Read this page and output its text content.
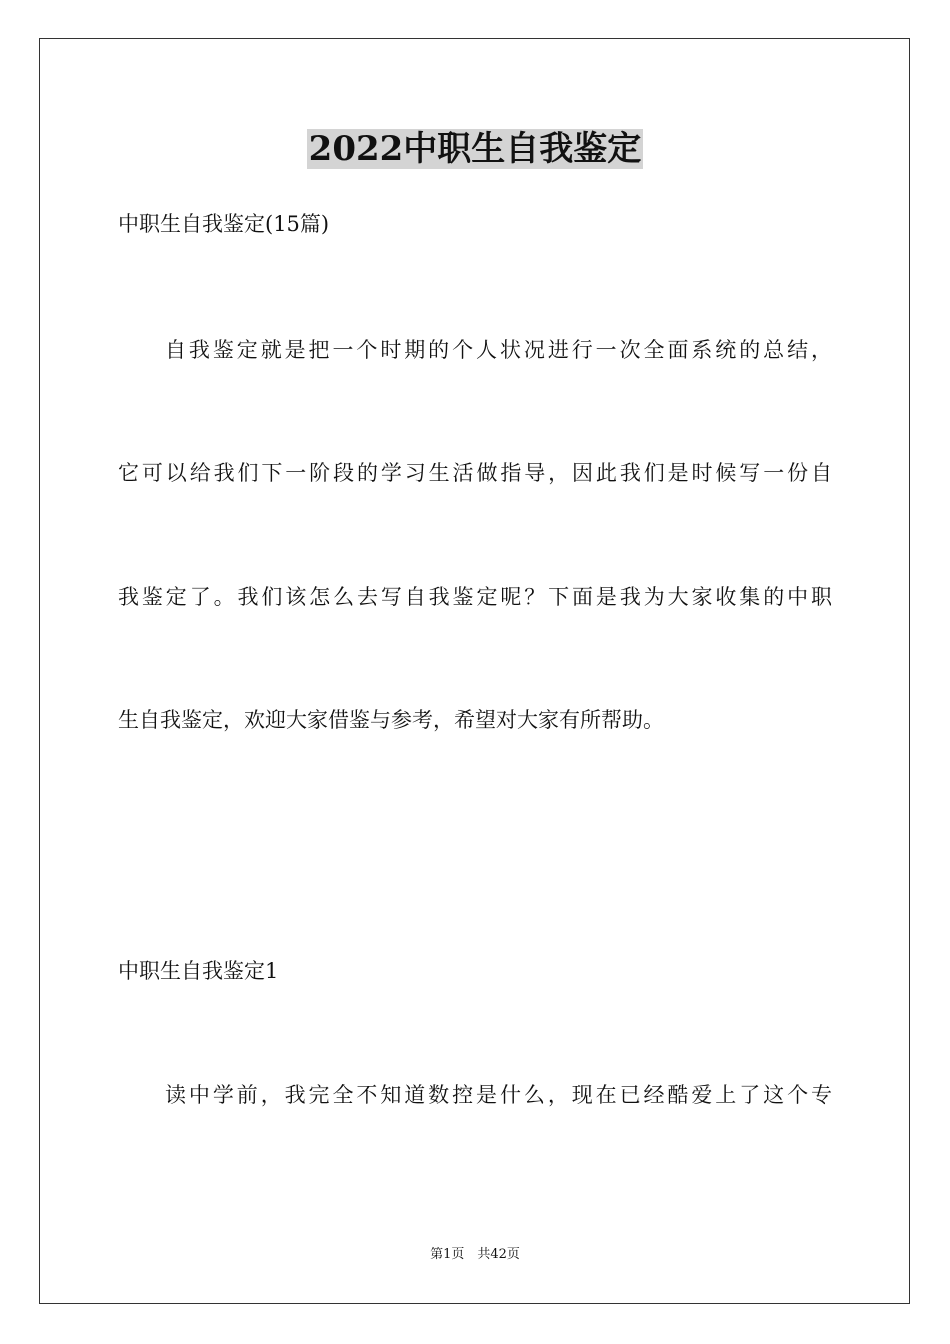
2022中职生自我鉴定
中职生自我鉴定(15篇)
自我鉴定就是把一个时期的个人状况进行一次全面系统的总结，
它可以给我们下一阶段的学习生活做指导，因此我们是时候写一份自
我鉴定了。我们该怎么去写自我鉴定呢？下面是我为大家收集的中职
生自我鉴定，欢迎大家借鉴与参考，希望对大家有所帮助。
中职生自我鉴定1
读中学前，我完全不知道数控是什么，现在已经酷爱上了这个专
第1页　共42页
